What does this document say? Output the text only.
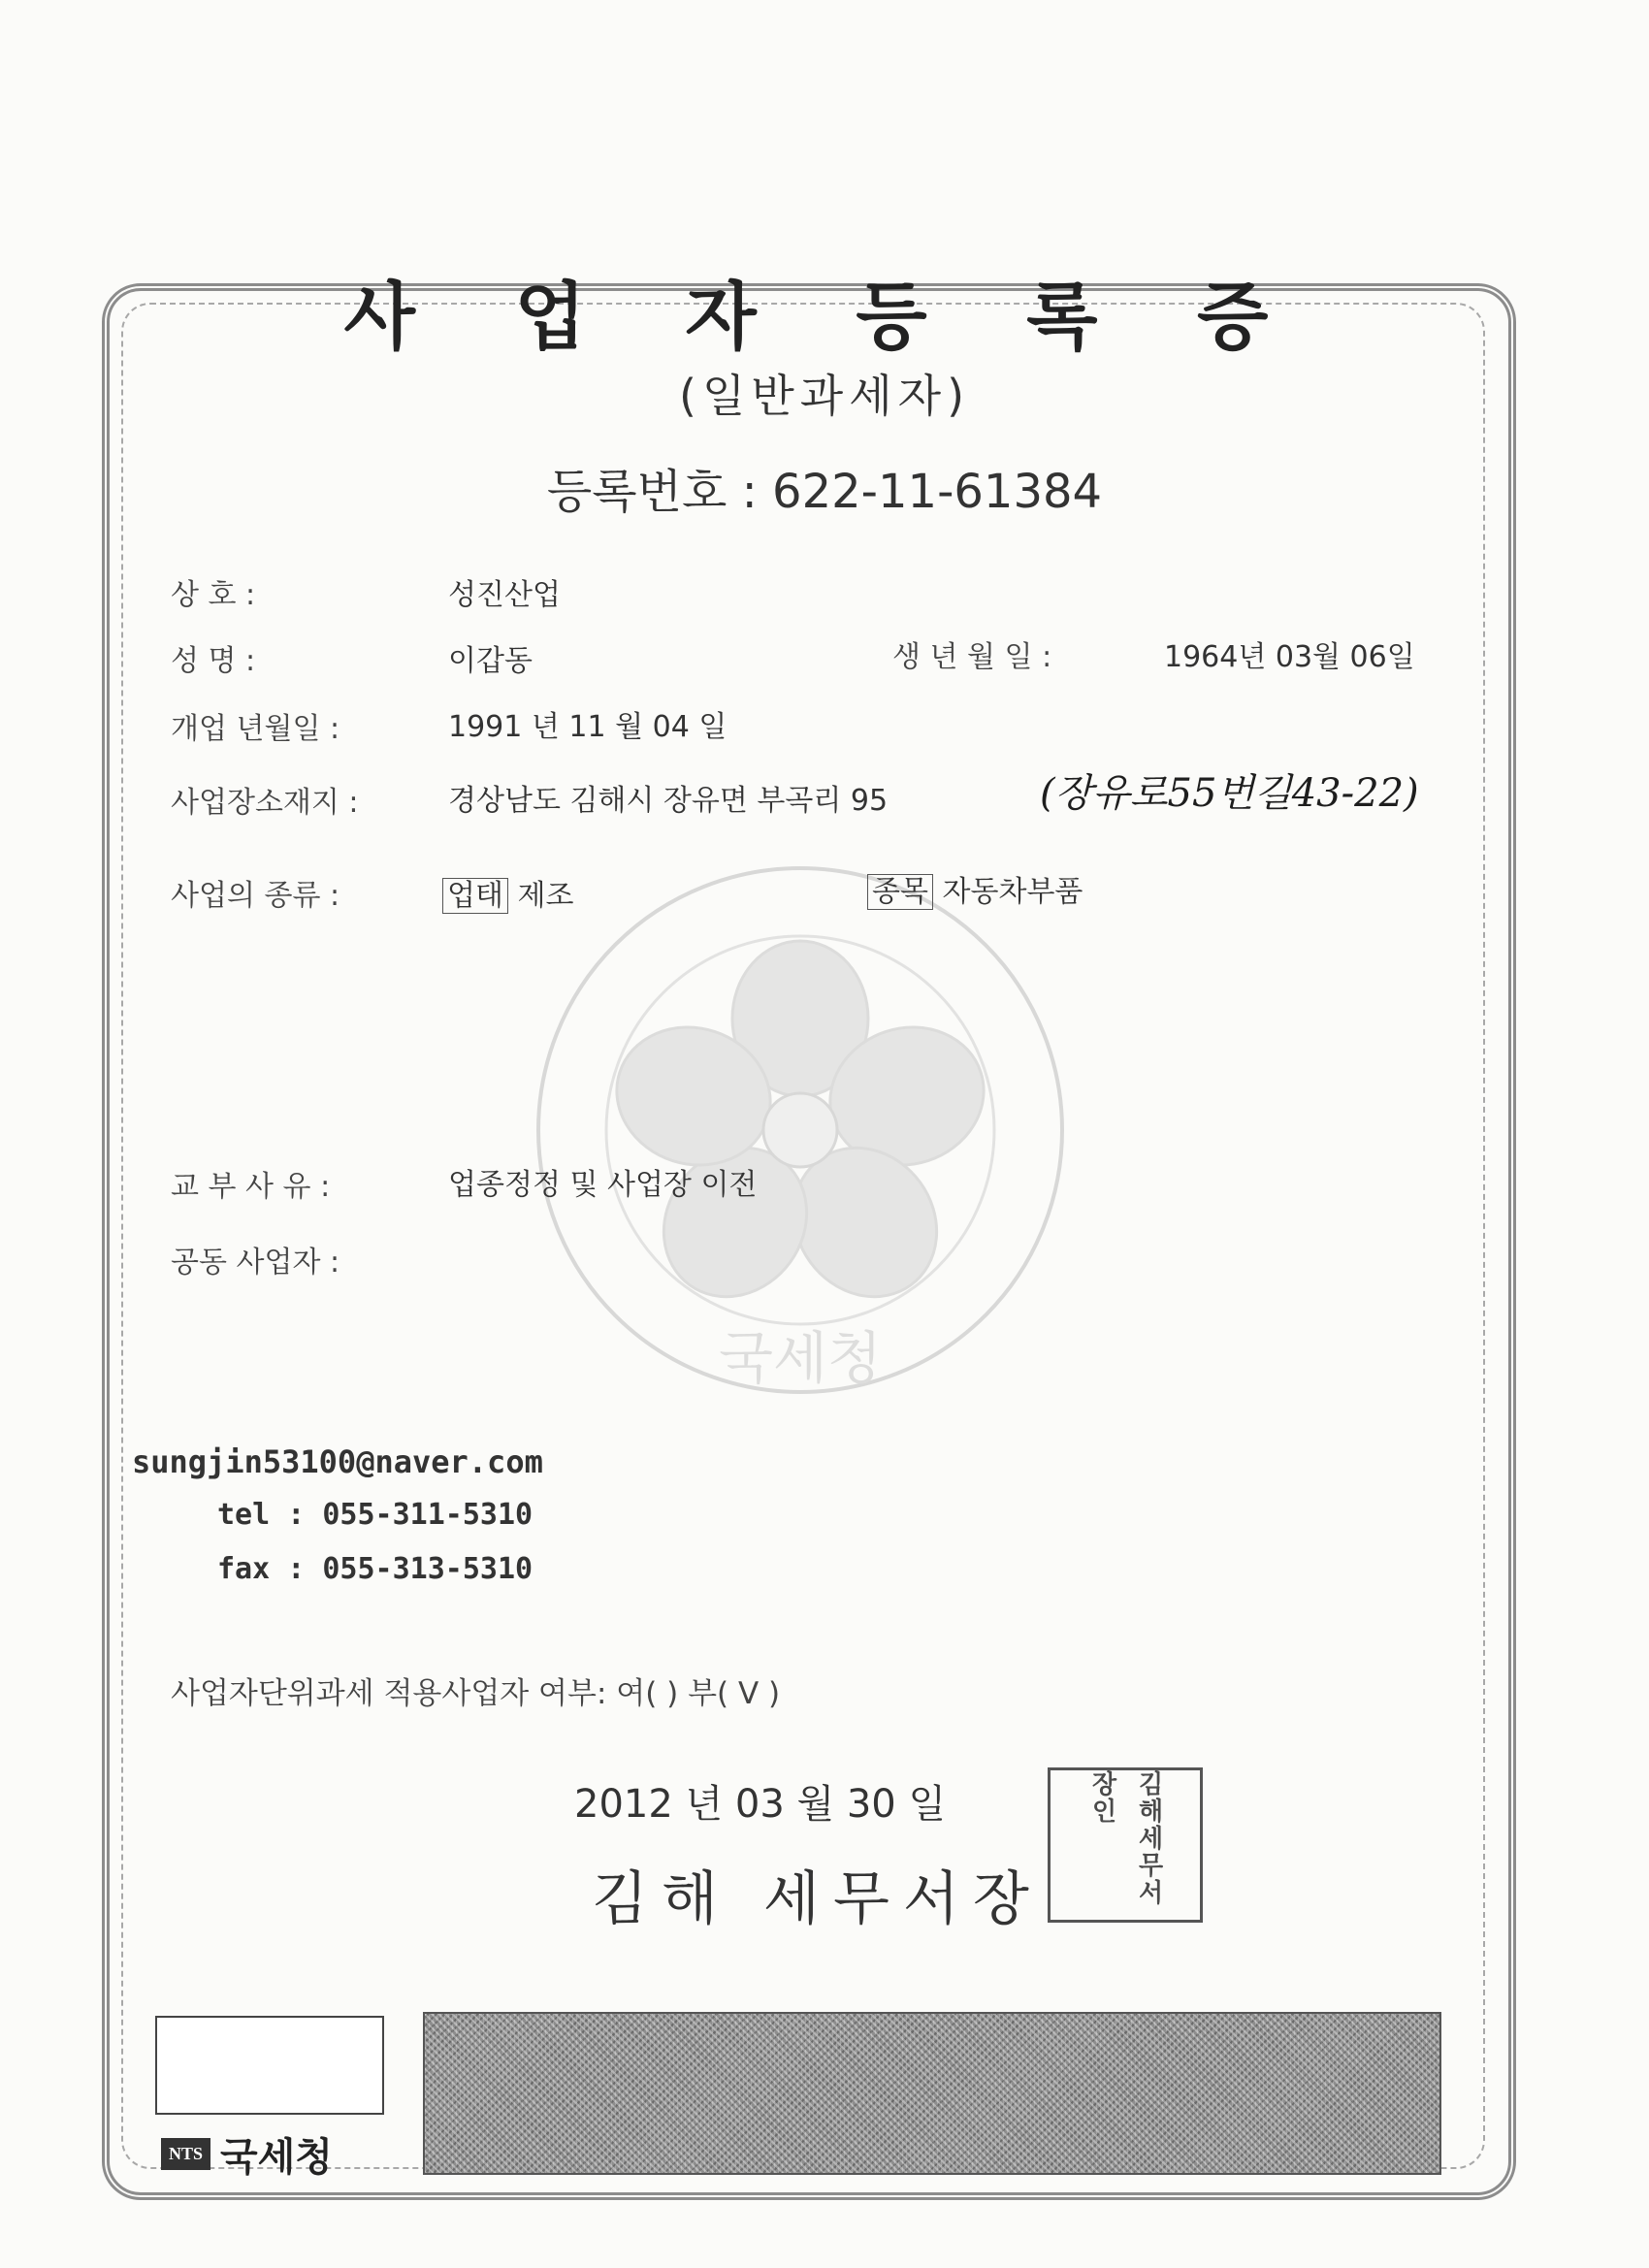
국세청
사 업 자 등 록 증
(일반과세자)
등록번호 : 622-11-61384
상 호 :	성진산업
성 명 :	이갑동	생 년 월 일 :	1964년 03월 06일
개업 년월일 :	1991 년 11 월 04 일
사업장소재지 :	경상남도 김해시 장유면 부곡리 95	(장유로55번길43-22)
사업의 종류 :	업태 제조	종목 자동차부품
교 부 사 유 :	업종정정 및 사업장 이전
공동 사업자 :
sungjin53100@naver.com
tel : 055-311-5310
fax : 055-313-5310
사업자단위과세 적용사업자 여부: 여( ) 부( V )
2012 년 03 월 30 일
김해 세무서장	김해세무서장인
NTS 국세청
